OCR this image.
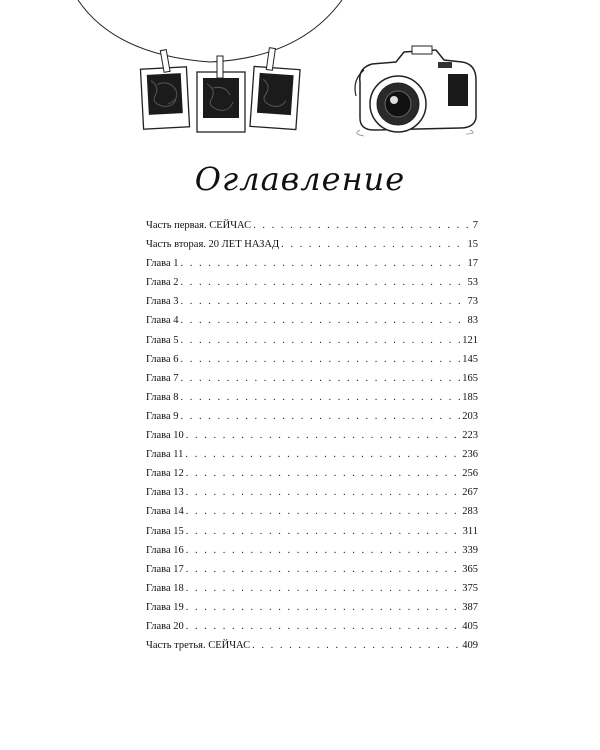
Оглавление
Часть первая. СЕЙЧАС . . .	7
Часть вторая. 20 ЛЕТ НАЗАД . . .	15
Глава 1 . . .	17
Глава 2 . . .	53
Глава 3 . . .	73
Глава 4 . . .	83
Глава 5 . . .	121
Глава 6 . . .	145
Глава 7 . . .	165
Глава 8 . . .	185
Глава 9 . . .	203
Глава 10 . . .	223
Глава 11 . . .	236
Глава 12 . . .	256
Глава 13 . . .	267
Глава 14 . . .	283
Глава 15 . . .	311
Глава 16 . . .	339
Глава 17 . . .	365
Глава 18 . . .	375
Глава 19 . . .	387
Глава 20 . . .	405
Часть третья. СЕЙЧАС . . .	409
